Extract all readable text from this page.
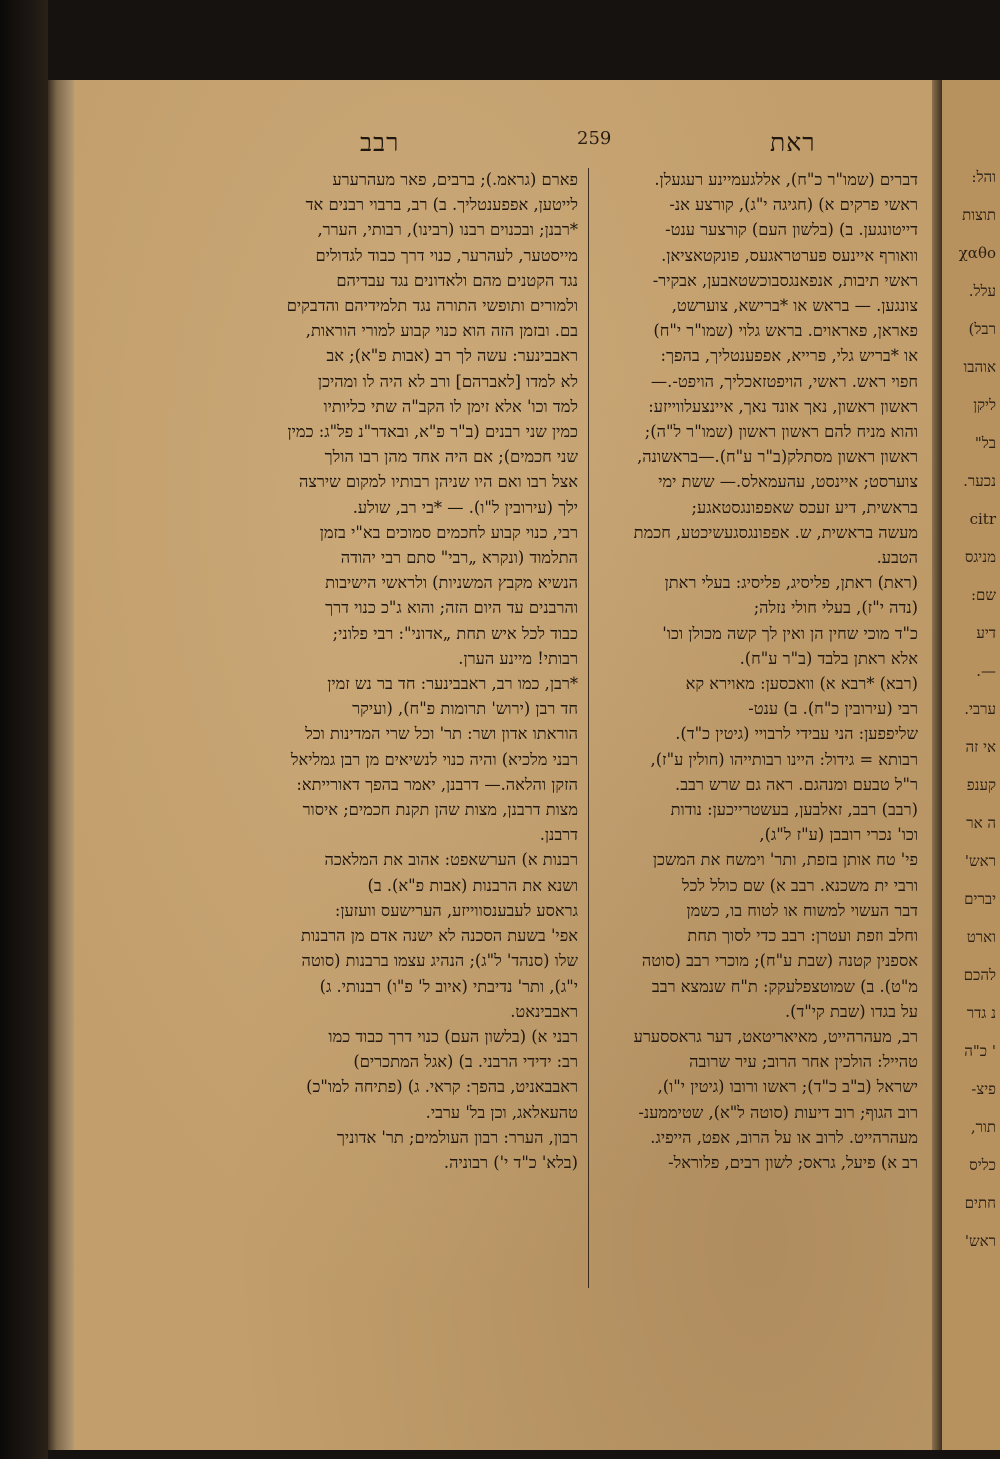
והל:
תוצות
χαθο
עלל.
רבל)
אוהבו
ליקן
בל"
נכער.
citr
מניגס
שם:
דיע
—.
ערבי.
אי זה
קענפ
ה אר
ראש'
יברים
וארט
להכם
נ גדר
' כ"ה
פיצ-
תור,
כליס
חתים
ראש'
רבב	259	ראת

דברים (שמו"ר כ"ח), אללגעמיינע רעגעלן.

ראשי פרקים א) (חגיגה י"ג), קורצע אנ-

דייטונגען. ב) (בלשון העם) קורצער ענט-

וואורף איינעס פערטראגעס, פונקטאציאן.

ראשי תיבות, אנפאנגסבוכשטאבען, אבקיר-

צונגען. — בראש או *ברישא, צוערשט,

פאראן, פאראוים. בראש גלוי (שמו"ר י"ח)

או *בריש גלי, פרייא, אפפענטליך, בהפך:

חפוי ראש. ראשי, הויפטזאכליך, הויפט-.—

ראשון ראשון, נאך אונד נאך, איינצעלווייזע:

והוא מניח להם ראשון ראשון (שמו"ר ל"ה);

ראשון ראשון מסתלק(ב"ר ע"ח).—בראשונה,

צוערסט; איינסט, עהעמאלס.— ששת ימי

בראשית, דיע זעכס שאפפונגסטאגע;

מעשה בראשית, ש. אפפונגסגעשיכטע, חכמת

הטבע.

(ראת) ראתן, פליסיג, פליסיג: בעלי ראתן

(נדה י"ז), בעלי חולי נזלה;

כ"ד מוכי שחין הן ואין לך קשה מכולן וכו'

אלא ראתן בלבד (ב"ר ע"ח).

(רבא) *רבא א) וואכסען: מאוירא קא

רבי (עירובין כ"ח). ב) ענט-

שליפפען: הני עבידי לרבויי (גיטין כ"ד).

רבותא = גידול: היינו רבותייהו (חולין ע"ז),

ר"ל טבעם ומנהגם. ראה גם שרש רבב.

(רבב) רבב, זאלבען, בעשטרייכען: נודות

וכו' נכרי רובבן (ע"ז ל"ג),

פי' טח אותן בזפת, ותר' וימשח את המשכן

ורבי ית משכנא. רבב א) שם כולל לכל

דבר העשוי למשוח או לטוח בו, כשמן

וחלב וזפת ועטרן: רבב כדי לסוך תחת

אספנין קטנה (שבת ע"ח); מוכרי רבב (סוטה

מ"ט). ב) שמוטצפלעקק: ת"ח שנמצא רבב

על בגדו (שבת קי"ד).

רב, מעהרהייט, מאיאריטאט, דער גראססערע

טהייל: הולכין אחר הרוב; עיר שרובה

ישראל (ב"ב כ"ד); ראשו ורובו (גיטין י"ו),

רוב הגוף; רוב דיעות (סוטה ל"א), שטיממענ-

מעהרהייט. לרוב או על הרוב, אפט, הייפיג.

רב א) פיעל, גראס; לשון רבים, פלוראל-

פארם (גראמ.); ברבים, פאר מעהרערע

לייטען, אפפענטליך. ב) רב, ברבוי רבנים אד

*רבנן; ובכנוים רבנו (רבינו), רבותי, הערר,

מייסטער, לעהרער, כנוי דרך כבוד לגדולים

נגד הקטנים מהם ולאדונים נגד עבדיהם

ולמורים ותופשי התורה נגד תלמידיהם והדבקים

בם. ובזמן הזה הוא כנוי קבוע למורי הוראות,

ראבבינער: עשה לך רב (אבות פ"א); אב

לא למדו [לאברהם] ורב לא היה לו ומהיכן

למד וכו' אלא זימן לו הקב"ה שתי כליותיו

כמין שני רבנים (ב"ר פ"א, ובאדר"נ פל"ג: כמין

שני חכמים); אם היה אחד מהן רבו הולך

אצל רבו ואם היו שניהן רבותיו למקום שירצה

ילך (עירובין ל"ו). — *בי רב, שולע.

רבי, כנוי קבוע לחכמים סמוכים בא"י בזמן

התלמוד (ונקרא „רבי" סתם רבי יהודה

הנשיא מקבץ המשניות) ולראשי הישיבות

והרבנים עד היום הזה; והוא ג"כ כנוי דרך

כבוד לכל איש תחת „אדוני": רבי פלוני;

רבותי! מיינע הערן.

*רבן, כמו רב, ראבבינער: חד בר נש זמין

חד רבן (ירוש' תרומות פ"ח), (ועיקר

הוראתו אדון ושר: תר' וכל שרי המדינות וכל

רבני מלכיא) והיה כנוי לנשיאים מן רבן גמליאל

הזקן והלאה.— דרבנן, יאמר בהפך דאורייתא:

מצות דרבנן, מצות שהן תקנת חכמים; איסור

דרבנן.

רבנות א) הערשאפט: אהוב את המלאכה

ושנא את הרבנות (אבות פ"א). ב)

גראסע לעבענסווייזע, הערישעס וועזען:

אפי' בשעת הסכנה לא ישנה אדם מן הרבנות

שלו (סנהד' ל"ג); הנהיג עצמו ברבנות (סוטה

י"ג), ותר' נדיבתי (איוב ל' פ"ו) רבנותי. ג)

ראבבינאט.

רבני א) (בלשון העם) כנוי דרך כבוד כמו

רב: ידידי הרבני. ב) (אגל המתכרים)

ראבבאניט, בהפך: קראי. ג) (פתיחה למו"כ)

טהעאלאג, וכן בל' ערבי.

רבון, הערר: רבון העולמים; תר' אדוניך

(בלא' כ"ד י') רבוניה.
